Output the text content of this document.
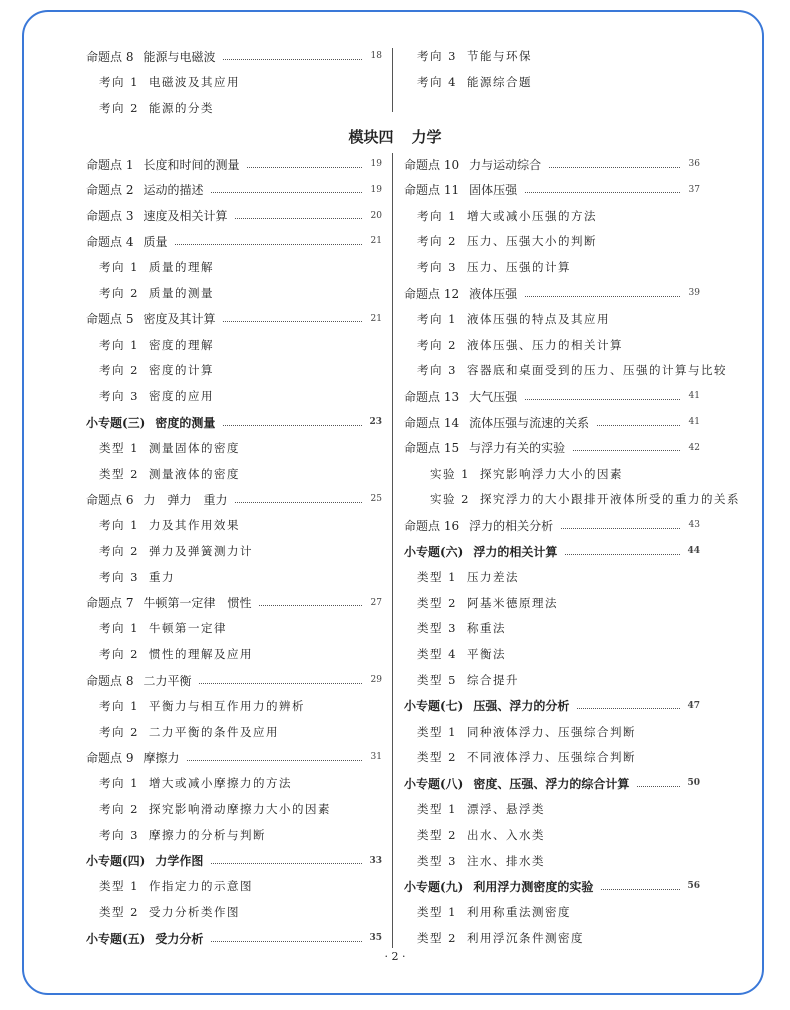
命题点 8 能源与电磁波	18
考向 1 电磁波及其应用
考向 2 能源的分类
考向 3 节能与环保
考向 4 能源综合题
模块四 力学
命题点 1 长度和时间的测量	19
命题点 2 运动的描述	19
命题点 3 速度及相关计算	20
命题点 4 质量	21
考向 1 质量的理解
考向 2 质量的测量
命题点 5 密度及其计算	21
考向 1 密度的理解
考向 2 密度的计算
考向 3 密度的应用
小专题(三) 密度的测量	23
类型 1 测量固体的密度
类型 2 测量液体的密度
命题点 6 力　弹力　重力	25
考向 1 力及其作用效果
考向 2 弹力及弹簧测力计
考向 3 重力
命题点 7 牛顿第一定律　惯性	27
考向 1 牛顿第一定律
考向 2 惯性的理解及应用
命题点 8 二力平衡	29
考向 1 平衡力与相互作用力的辨析
考向 2 二力平衡的条件及应用
命题点 9 摩擦力	31
考向 1 增大或减小摩擦力的方法
考向 2 探究影响滑动摩擦力大小的因素
考向 3 摩擦力的分析与判断
小专题(四) 力学作图	33
类型 1 作指定力的示意图
类型 2 受力分析类作图
小专题(五) 受力分析	35
命题点 10 力与运动综合	36
命题点 11 固体压强	37
考向 1 增大或减小压强的方法
考向 2 压力、压强大小的判断
考向 3 压力、压强的计算
命题点 12 液体压强	39
考向 1 液体压强的特点及其应用
考向 2 液体压强、压力的相关计算
考向 3 容器底和桌面受到的压力、压强的计算与比较
命题点 13 大气压强	41
命题点 14 流体压强与流速的关系	41
命题点 15 与浮力有关的实验	42
实验 1 探究影响浮力大小的因素
实验 2 探究浮力的大小跟排开液体所受的重力的关系
命题点 16 浮力的相关分析	43
小专题(六) 浮力的相关计算	44
类型 1 压力差法
类型 2 阿基米德原理法
类型 3 称重法
类型 4 平衡法
类型 5 综合提升
小专题(七) 压强、浮力的分析	47
类型 1 同种液体浮力、压强综合判断
类型 2 不同液体浮力、压强综合判断
小专题(八) 密度、压强、浮力的综合计算	50
类型 1 漂浮、悬浮类
类型 2 出水、入水类
类型 3 注水、排水类
小专题(九) 利用浮力测密度的实验	56
类型 1 利用称重法测密度
类型 2 利用浮沉条件测密度
· 2 ·
